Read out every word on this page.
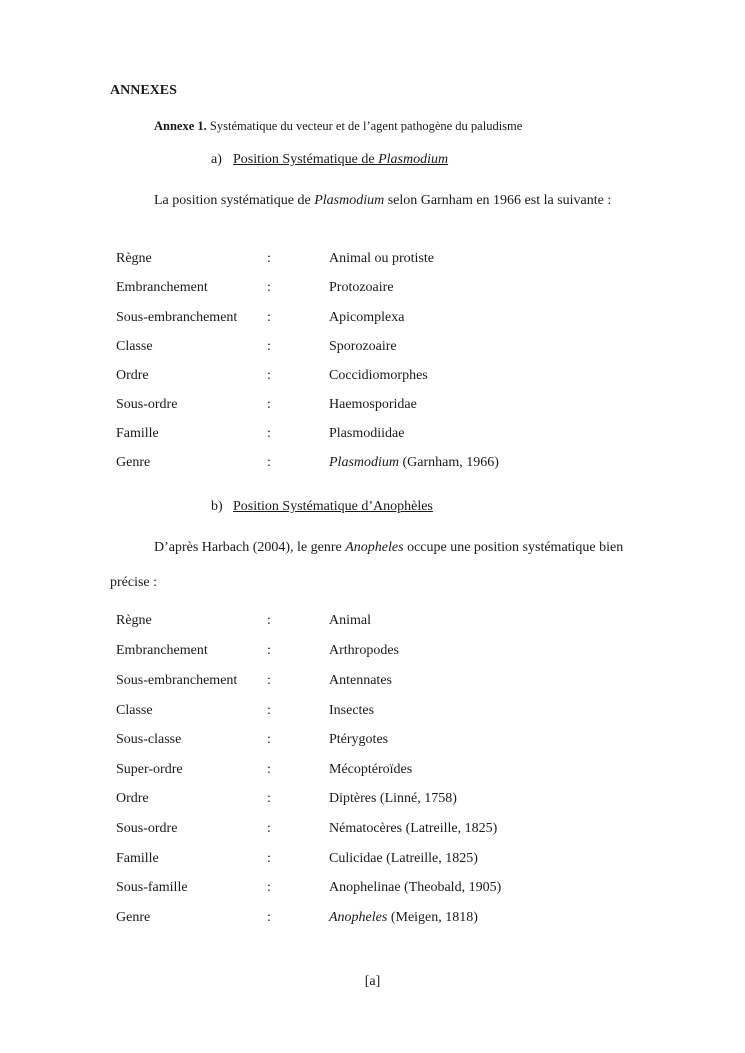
ANNEXES
Annexe 1. Systématique du vecteur et de l’agent pathogène du paludisme
a) Position Systématique de Plasmodium
La position systématique de Plasmodium selon Garnham en 1966 est la suivante :
Règne	:	Animal ou protiste
Embranchement	:	Protozoaire
Sous-embranchement :	Apicomplexa
Classe	:	Sporozoaire
Ordre	:	Coccidiomorphes
Sous-ordre	:	Haemosporidae
Famille	:	Plasmodiidae
Genre	:	Plasmodium (Garnham, 1966)
b) Position Systématique d’Anophèles
D’après Harbach (2004), le genre Anopheles occupe une position systématique bien
précise :
Règne	:	Animal
Embranchement	:	Arthropodes
Sous-embranchement :	Antennates
Classe	:	Insectes
Sous-classe	:	Ptérygotes
Super-ordre	:	Mécoptéroïdes
Ordre	:	Diptères (Linné, 1758)
Sous-ordre	:	Nématocères (Latreille, 1825)
Famille	:	Culicidae (Latreille, 1825)
Sous-famille	:	Anophelinae (Theobald, 1905)
Genre	:	Anopheles (Meigen, 1818)
[a]
